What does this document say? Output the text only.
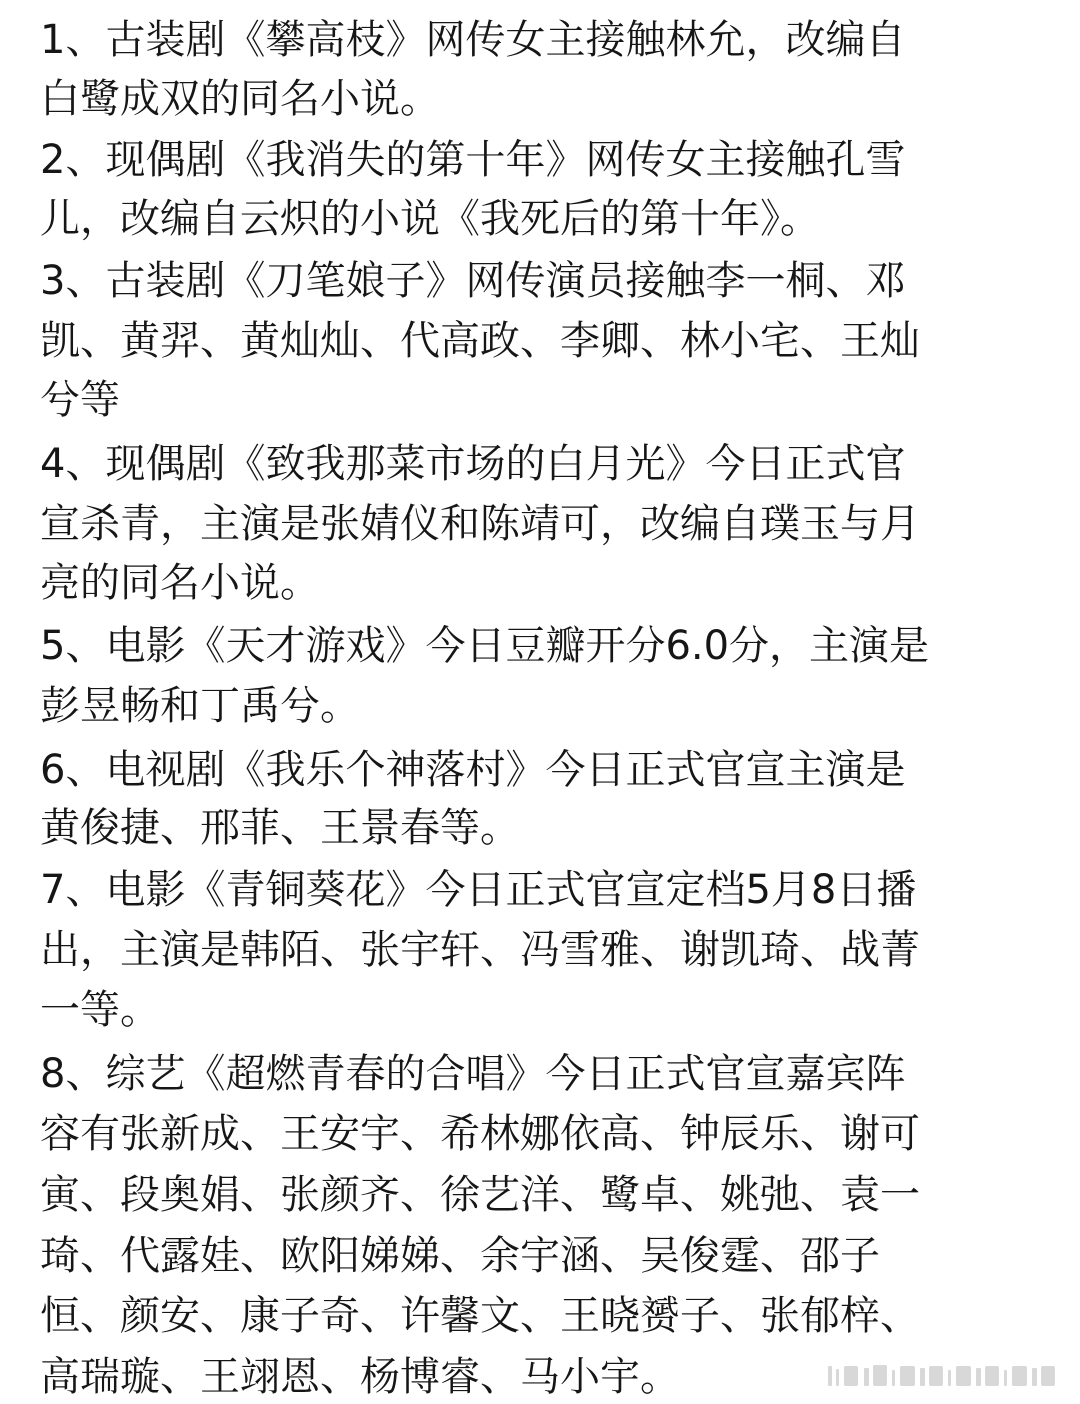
1、古装剧《攀高枝》网传女主接触林允，改编自
白鹭成双的同名小说。
2、现偶剧《我消失的第十年》网传女主接触孔雪
儿，改编自云炽的小说《我死后的第十年》。
3、古装剧《刀笔娘子》网传演员接触李一桐、邓
凯、黄羿、黄灿灿、代高政、李卿、林小宅、王灿
兮等
4、现偶剧《致我那菜市场的白月光》今日正式官
宣杀青，主演是张婧仪和陈靖可，改编自璞玉与月
亮的同名小说。
5、电影《天才游戏》今日豆瓣开分6.0分，主演是
彭昱畅和丁禹兮。
6、电视剧《我乐个神落村》今日正式官宣主演是
黄俊捷、邢菲、王景春等。
7、电影《青铜葵花》今日正式官宣定档5月8日播
出，主演是韩陌、张宇轩、冯雪雅、谢凯琦、战菁
一等。
8、综艺《超燃青春的合唱》今日正式官宣嘉宾阵
容有张新成、王安宇、希林娜依高、钟辰乐、谢可
寅、段奥娟、张颜齐、徐艺洋、鹭卓、姚弛、袁一
琦、代露娃、欧阳娣娣、余宇涵、吴俊霆、邵子
恒、颜安、康子奇、许馨文、王晓赟子、张郁梓、
高瑞璇、王翊恩、杨博睿、马小宇。
